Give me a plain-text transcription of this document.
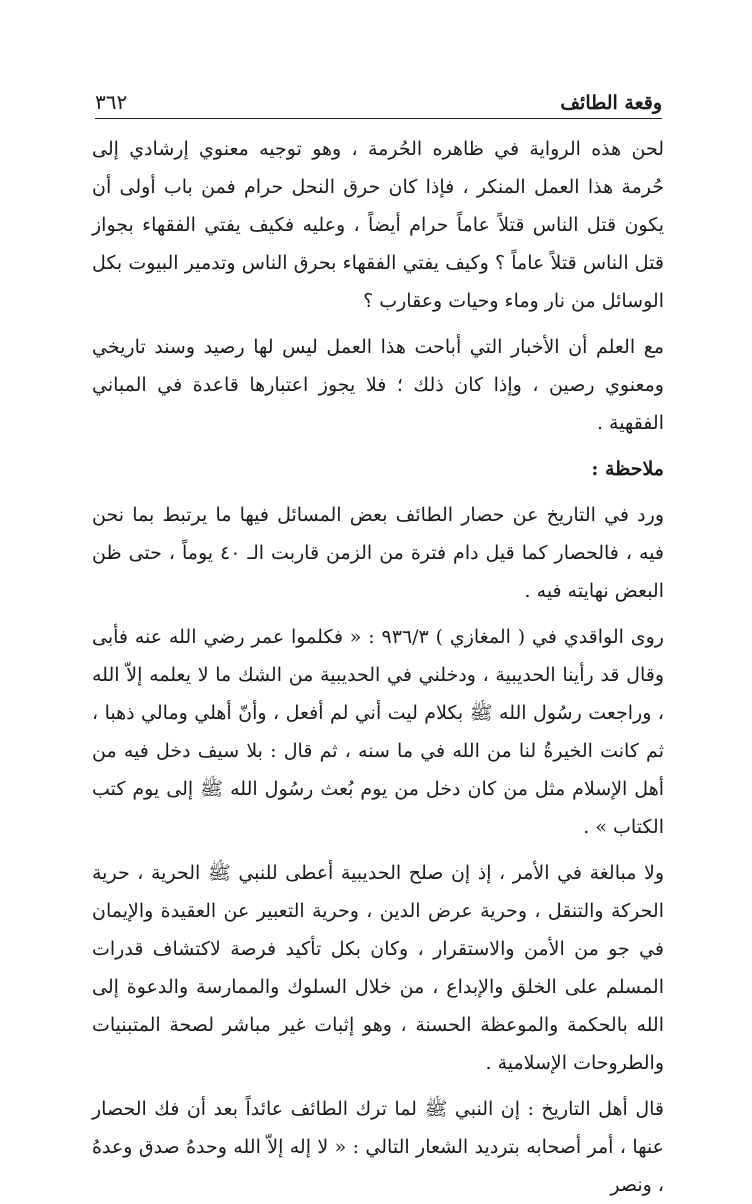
وقعة الطائف
٣٦٢

لحن هذه الرواية في ظاهره الحُرمة ، وهو توجيه معنوي إرشادي إلى حُرمة هذا العمل المنكر ، فإذا كان حرق النحل حرام فمن باب أولى أن يكون قتل الناس قتلاً عاماً حرام أيضاً ، وعليه فكيف يفتي الفقهاء بجواز قتل الناس قتلاً عاماً ؟ وكيف يفتي الفقهاء بحرق الناس وتدمير البيوت بكل الوسائل من نار وماء وحيات وعقارب ؟

مع العلم أن الأخبار التي أباحت هذا العمل ليس لها رصيد وسند تاريخي ومعنوي رصين ، وإذا كان ذلك ؛ فلا يجوز اعتبارها قاعدة في المباني الفقهية .

ملاحظة :

ورد في التاريخ عن حصار الطائف بعض المسائل فيها ما يرتبط بما نحن فيه ، فالحصار كما قيل دام فترة من الزمن قاربت الـ ٤٠ يوماً ، حتى ظن البعض نهايته فيه .

روى الواقدي في ( المغازي ) ٩٣٦/٣ : « فكلموا عمر رضي الله عنه فأبى وقال قد رأينا الحديبية ، ودخلني في الحديبية من الشك ما لا يعلمه إلاّ الله ، وراجعت رسُول الله ﷺ بكلام ليت أني لم أفعل ، وأنّ أهلي ومالي ذهبا ، ثم كانت الخيرةُ لنا من الله في ما سنه ، ثم قال : بلا سيف دخل فيه من أهل الإسلام مثل من كان دخل من يوم بُعث رسُول الله ﷺ إلى يوم كتب الكتاب » .

ولا مبالغة في الأمر ، إذ إن صلح الحديبية أعطى للنبي ﷺ الحرية ، حرية الحركة والتنقل ، وحرية عرض الدين ، وحرية التعبير عن العقيدة والإيمان في جو من الأمن والاستقرار ، وكان بكل تأكيد فرصة لاكتشاف قدرات المسلم على الخلق والإبداع ، من خلال السلوك والممارسة والدعوة إلى الله بالحكمة والموعظة الحسنة ، وهو إثبات غير مباشر لصحة المتبنيات والطروحات الإسلامية .

قال أهل التاريخ : إن النبي ﷺ لما ترك الطائف عائداً بعد أن فك الحصار عنها ، أمر أصحابه بترديد الشعار التالي : « لا إله إلاّ الله وحدهُ صدق وعدهُ ، ونصر
